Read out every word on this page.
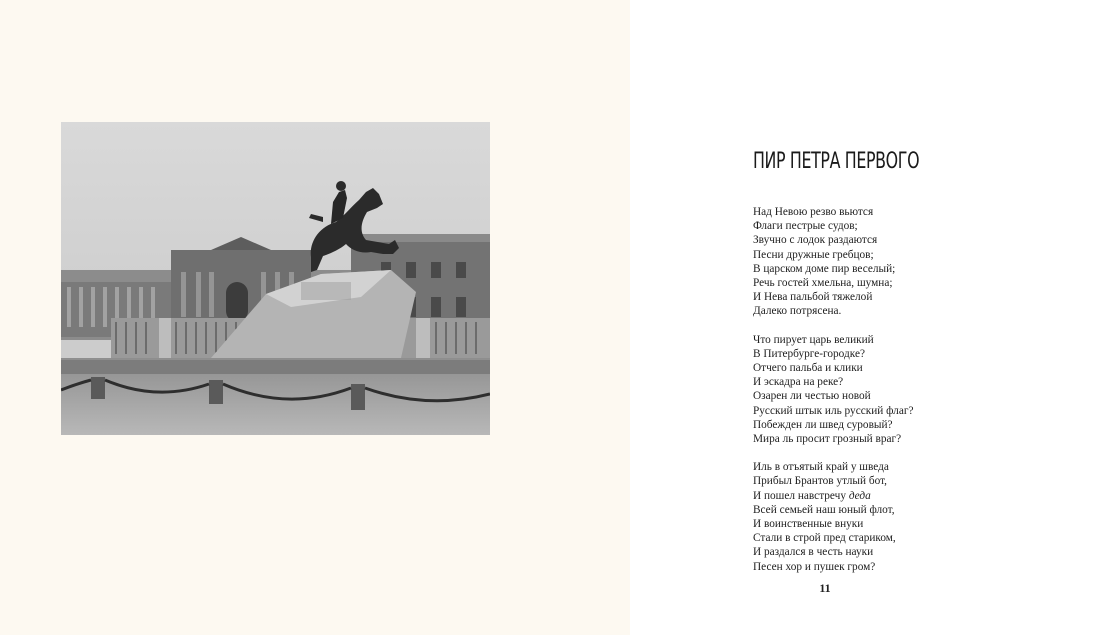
ПИР ПЕТРА ПЕРВОГО
Над Невою резво вьются
Флаги пестрые судов;
Звучно с лодок раздаются
Песни дружные гребцов;
В царском доме пир веселый;
Речь гостей хмельна, шумна;
И Нева пальбой тяжелой
Далеко потрясена.
Что пирует царь великий
В Питербурге-городке?
Отчего пальба и клики
И эскадра на реке?
Озарен ли честью новой
Русский штык иль русский флаг?
Побежден ли швед суровый?
Мира ль просит грозный враг?
Иль в отъятый край у шведа
Прибыл Брантов утлый бот,
И пошел навстречу деда
Всей семьей наш юный флот,
И воинственные внуки
Стали в строй пред стариком,
И раздался в честь науки
Песен хор и пушек гром?
11
